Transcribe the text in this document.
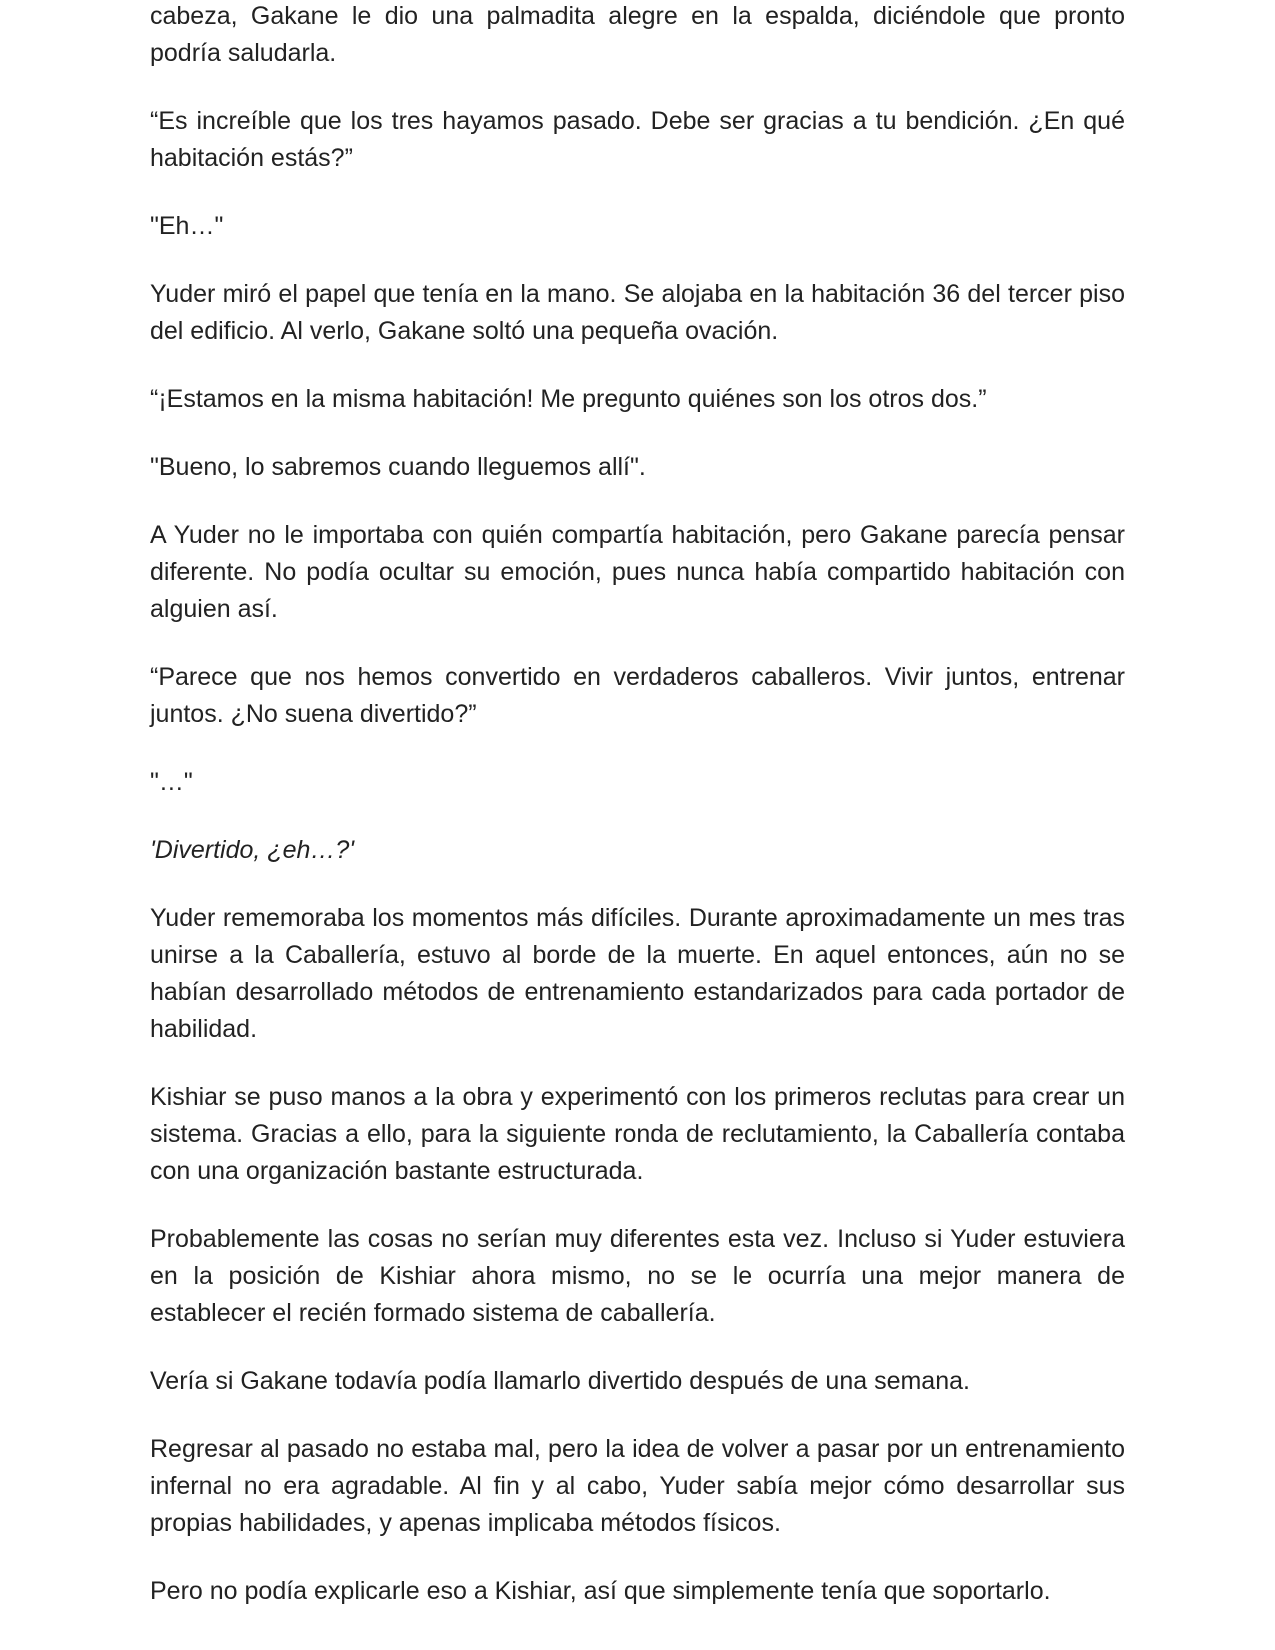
cabeza, Gakane le dio una palmadita alegre en la espalda, diciéndole que pronto podría saludarla.

“Es increíble que los tres hayamos pasado. Debe ser gracias a tu bendición. ¿En qué habitación estás?”

"Eh…"

Yuder miró el papel que tenía en la mano. Se alojaba en la habitación 36 del tercer piso del edificio. Al verlo, Gakane soltó una pequeña ovación.

“¡Estamos en la misma habitación! Me pregunto quiénes son los otros dos.”

"Bueno, lo sabremos cuando lleguemos allí".

A Yuder no le importaba con quién compartía habitación, pero Gakane parecía pensar diferente. No podía ocultar su emoción, pues nunca había compartido habitación con alguien así.

“Parece que nos hemos convertido en verdaderos caballeros. Vivir juntos, entrenar juntos. ¿No suena divertido?”

"…"

'Divertido, ¿eh…?'

Yuder rememoraba los momentos más difíciles. Durante aproximadamente un mes tras unirse a la Caballería, estuvo al borde de la muerte. En aquel entonces, aún no se habían desarrollado métodos de entrenamiento estandarizados para cada portador de habilidad.

Kishiar se puso manos a la obra y experimentó con los primeros reclutas para crear un sistema. Gracias a ello, para la siguiente ronda de reclutamiento, la Caballería contaba con una organización bastante estructurada.

Probablemente las cosas no serían muy diferentes esta vez. Incluso si Yuder estuviera en la posición de Kishiar ahora mismo, no se le ocurría una mejor manera de establecer el recién formado sistema de caballería.

Vería si Gakane todavía podía llamarlo divertido después de una semana.

Regresar al pasado no estaba mal, pero la idea de volver a pasar por un entrenamiento infernal no era agradable. Al fin y al cabo, Yuder sabía mejor cómo desarrollar sus propias habilidades, y apenas implicaba métodos físicos.

Pero no podía explicarle eso a Kishiar, así que simplemente tenía que soportarlo.
